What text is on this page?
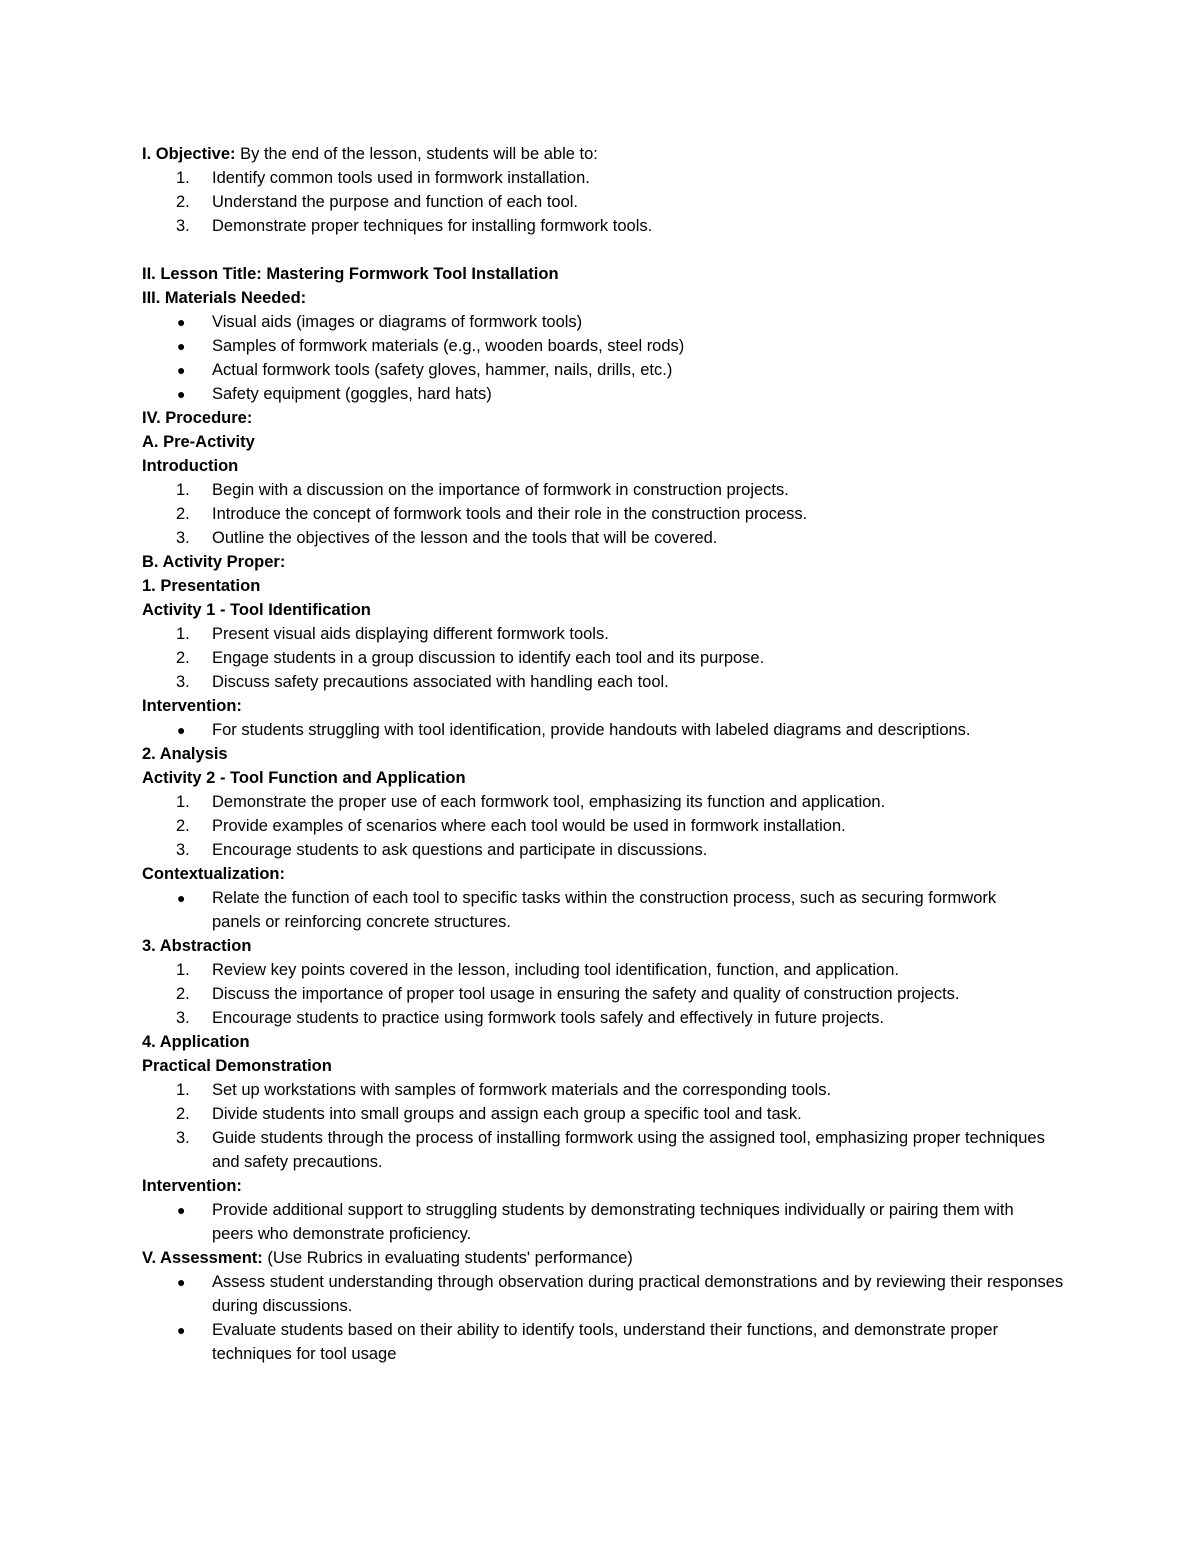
I. Objective: By the end of the lesson, students will be able to:
1.	Identify common tools used in formwork installation.
2.	Understand the purpose and function of each tool.
3.	Demonstrate proper techniques for installing formwork tools.
II. Lesson Title: Mastering Formwork Tool Installation
III. Materials Needed:
●	Visual aids (images or diagrams of formwork tools)
●	Samples of formwork materials (e.g., wooden boards, steel rods)
●	Actual formwork tools (safety gloves, hammer, nails, drills, etc.)
●	Safety equipment (goggles, hard hats)
IV. Procedure:
A. Pre-Activity
Introduction
1.	Begin with a discussion on the importance of formwork in construction projects.
2.	Introduce the concept of formwork tools and their role in the construction process.
3.	Outline the objectives of the lesson and the tools that will be covered.
B. Activity Proper:
1. Presentation
Activity 1 - Tool Identification
1.	Present visual aids displaying different formwork tools.
2.	Engage students in a group discussion to identify each tool and its purpose.
3.	Discuss safety precautions associated with handling each tool.
Intervention:
●	For students struggling with tool identification, provide handouts with labeled diagrams and descriptions.
2. Analysis
Activity 2 - Tool Function and Application
1.	Demonstrate the proper use of each formwork tool, emphasizing its function and application.
2.	Provide examples of scenarios where each tool would be used in formwork installation.
3.	Encourage students to ask questions and participate in discussions.
Contextualization:
●	Relate the function of each tool to specific tasks within the construction process, such as securing formwork panels or reinforcing concrete structures.
3. Abstraction
1.	Review key points covered in the lesson, including tool identification, function, and application.
2.	Discuss the importance of proper tool usage in ensuring the safety and quality of construction projects.
3.	Encourage students to practice using formwork tools safely and effectively in future projects.
4. Application
Practical Demonstration
1.	Set up workstations with samples of formwork materials and the corresponding tools.
2.	Divide students into small groups and assign each group a specific tool and task.
3.	Guide students through the process of installing formwork using the assigned tool, emphasizing proper techniques and safety precautions.
Intervention:
●	Provide additional support to struggling students by demonstrating techniques individually or pairing them with peers who demonstrate proficiency.
V. Assessment: (Use Rubrics in evaluating students' performance)
●	Assess student understanding through observation during practical demonstrations and by reviewing their responses during discussions.
●	Evaluate students based on their ability to identify tools, understand their functions, and demonstrate proper techniques for tool usage
